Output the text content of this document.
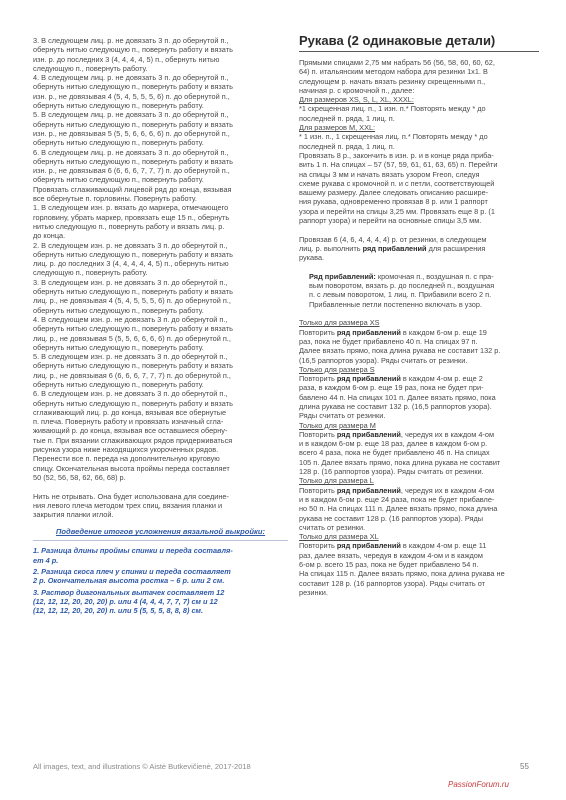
3. В следующем лиц. р. не довязать 3 п. до обернутой п.,
обернуть нитью следующую п., повернуть работу и вязать
изн. р. до последних 3 (4, 4, 4, 4, 5) п., обернуть нитью
следующую п., повернуть работу.

4. В следующем лиц. р. не довязать 3 п. до обернутой п.,
обернуть нитью следующую п., повернуть работу и вязать
изн. р., не довязывая 4 (5, 4, 5, 5, 5, 6) п. до обернутой п.,
обернуть нитью следующую п., повернуть работу.

5. В следующем лиц. р. не довязать 3 п. до обернутой п.,
обернуть нитью следующую п., повернуть работу и вязать
изн. р., не довязывая 5 (5, 5, 6, 6, 6, 6) п. до обернутой п.,
обернуть нитью следующую п., повернуть работу.

6. В следующем лиц. р. не довязать 3 п. до обернутой п.,
обернуть нитью следующую п., повернуть работу и вязать
изн. р., не довязывая 6 (6, 6, 6, 7, 7, 7) п. до обернутой п.,
обернуть нитью следующую п., повернуть работу.
Провязать сглаживающий лицевой ряд до конца, вязывая
все обернутые п. горловины. Повернуть работу.

1. В следующем изн. р. вязать до маркера, отмечающего
горловину, убрать маркер, провязать еще 15 п., обернуть
нитью следующую п., повернуть работу и вязать лиц. р.
до конца.

2. В следующем изн. р. не довязать 3 п. до обернутой п.,
обернуть нитью следующую п., повернуть работу и вязать
лиц. р. до последних 3 (4, 4, 4, 4, 4, 5) п., обернуть нитью
следующую п., повернуть работу.

3. В следующем изн. р. не довязать 3 п. до обернутой п.,
обернуть нитью следующую п., повернуть работу и вязать
лиц. р., не довязывая 4 (5, 4, 5, 5, 5, 6) п. до обернутой п.,
обернуть нитью следующую п., повернуть работу.

4. В следующем изн. р. не довязать 3 п. до обернутой п.,
обернуть нитью следующую п., повернуть работу и вязать
лиц. р., не довязывая 5 (5, 5, 6, 6, 6, 6) п. до обернутой п.,
обернуть нитью следующую п., повернуть работу.

5. В следующем изн. р. не довязать 3 п. до обернутой п.,
обернуть нитью следующую п., повернуть работу и вязать
лиц. р., не довязывая 6 (6, 6, 6, 7, 7, 7) п. до обернутой п.,
обернуть нитью следующую п., повернуть работу.

6. В следующем изн. р. не довязать 3 п. до обернутой п.,
обернуть нитью следующую п., повернуть работу и вязать
сглаживающий лиц. р. до конца, вязывая все обернутые
п. плеча. Повернуть работу и провязать изначный сгла-
живающий р. до конца, вязывая все оставшиеся оберну-
тые п. При вязании сглаживающих рядов придерживаться
рисунка узора ниже находящихся укороченных рядов.
Перенести все п. переда на дополнительную круговую
спицу. Окончательная высота проймы переда составляет
50 (52, 56, 58, 62, 66, 68) р.

Нить не отрывать. Она будет использована для соедине-
ния левого плеча методом трех спиц, вязания планки и
закрытия планки иглой.

Подведение итогов усложнения вязальной выкройки:

1. Разница длины проймы спинки и переда составля-
ет 4 р.

2. Разница скоса плеч у спинки и переда составляет
2 р. Окончательная высота ростка – 6 р. или 2 см.

3. Раствор диагональных вытачек составляет 12
(12, 12, 12, 20, 20, 20) р. или 4 (4, 4, 4, 7, 7, 7) см и 12
(12, 12, 12, 20, 20, 20) п. или 5 (5, 5, 5, 8, 8, 8) см.

Рукава (2 одинаковые детали)

Прямыми спицами 2,75 мм набрать 56 (56, 58, 60, 60, 62,
64) п. итальянским методом набора для резинки 1x1. В
следующем р. начать вязать резинку скрещенными п.,
начиная р. с кромочной п., далее:

Для размеров XS, S, L, XL, XXXL:

*1 скрещенная лиц. п., 1 изн. п.* Повторять между * до
последней п. ряда, 1 лиц. п.

Для размеров M, XXL:

* 1 изн. п., 1 скрещенная лиц. п.* Повторять между * до
последней п. ряда, 1 лиц. п.

Провязать 8 р., закончить в изн. р. и в конце ряда приба-
вить 1 п. На спицах – 57 (57, 59, 61, 61, 63, 65) п. Перейти
на спицы 3 мм и начать вязать узором Freon, следуя
схеме рукава с кромочной п. и с петли, соответствующей
вашему размеру. Далее следовать описанию расшире-
ния рукава, одновременно провязав 8 р. или 1 раппорт
узора и перейти на спицы 3,25 мм. Провязать еще 8 р. (1
раппорт узора) и перейти на основные спицы 3,5 мм.

Провязав 6 (4, 6, 4, 4, 4, 4) р. от резинки, в следующем
лиц. р. выполнить ряд прибавлений для расширения
рукава.

Ряд прибавлений: кромочная п., воздушная п. с пра-
вым поворотом, вязать р. до последней п., воздушная
п. с левым поворотом, 1 лиц. п. Прибавили всего 2 п.
Прибавленные петли постепенно включать в узор.

Только для размера XS

Повторить ряд прибавлений в каждом 6-ом р. еще 19
раз, пока не будет прибавлено 40 п. На спицах 97 п.
Далее вязать прямо, пока длина рукава не составит 132 р.
(16,5 раппортов узора). Ряды считать от резинки.

Только для размера S

Повторить ряд прибавлений в каждом 4-ом р. еще 2
раза, в каждом 6-ом р. еще 19 раз, пока не будет при-
бавлено 44 п. На спицах 101 п. Далее вязать прямо, пока
длина рукава не составит 132 р. (16,5 раппортов узора).
Ряды считать от резинки.

Только для размера M

Повторить ряд прибавлений, чередуя их в каждом 4-ом
и в каждом 6-ом р. еще 18 раз, далее в каждом 6-ом р.
всего 4 раза, пока не будет прибавлено 46 п. На спицах
105 п. Далее вязать прямо, пока длина рукава не составит
128 р. (16 раппортов узора). Ряды считать от резинки.

Только для размера L

Повторить ряд прибавлений, чередуя их в каждом 4-ом
и в каждом 6-ом р. еще 24 раза, пока не будет прибавле-
но 50 п. На спицах 111 п. Далее вязать прямо, пока длина
рукава не составит 128 р. (16 раппортов узора). Ряды
считать от резинки.

Только для размера XL

Повторить ряд прибавлений в каждом 4-ом р. еще 11
раз, далее вязать, чередуя в каждом 4-ом и в каждом
6-ом р. всего 15 раз, пока не будет прибавлено 54 п.
На спицах 115 п. Далее вязать прямо, пока длина рукава не
составит 128 р. (16 раппортов узора). Ряды считать от
резинки.

All images, text, and illustrations © Aistė Butkevičienė, 2017-2018	55
PassionForum.ru
